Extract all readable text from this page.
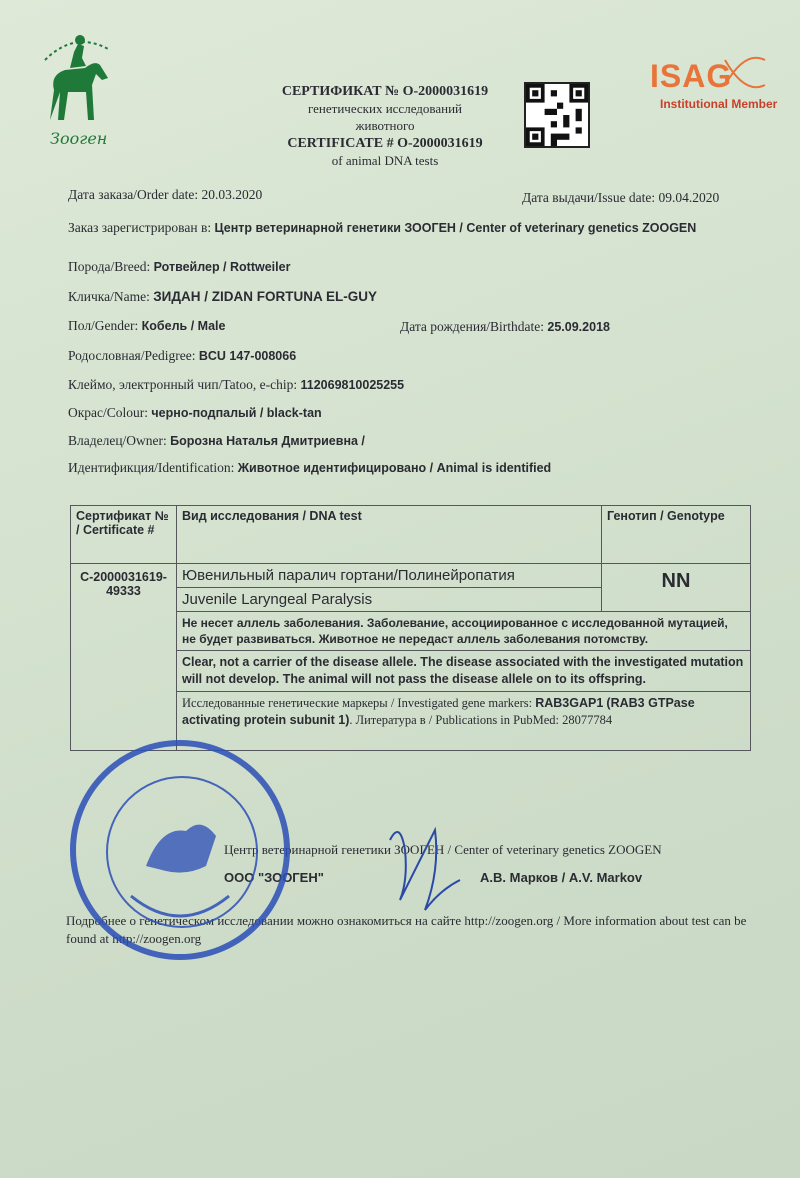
Зооген
СЕРТИФИКАТ № О-2000031619
генетических исследований
животного
CERTIFICATE # O-2000031619
of animal DNA tests
ISAG
Institutional Member
Дата заказа/Order date: 20.03.2020	Дата выдачи/Issue date: 09.04.2020
Заказ зарегистрирован в: Центр ветеринарной генетики ЗООГЕН / Center of veterinary genetics ZOOGEN
Порода/Breed: Ротвейлер / Rottweiler
Кличка/Name: ЗИДАН / ZIDAN FORTUNA EL-GUY
Пол/Gender: Кобель / Male	Дата рождения/Birthdate: 25.09.2018
Родословная/Pedigree: BCU 147-008066
Клеймо, электронный чип/Tatoo, e-chip: 112069810025255
Окрас/Colour: черно-подпалый / black-tan
Владелец/Owner: Борозна Наталья Дмитриевна /
Идентификция/Identification: Животное идентифицировано / Animal is identified
Сертификат № / Certificate #	Вид исследования / DNA test	Генотип / Genotype
C-2000031619-49333	Ювенильный паралич гортани/Полинейропатия	NN
	Juvenile Laryngeal Paralysis	
	Не несет аллель заболевания. Заболевание, ассоциированное с исследованной мутацией, не будет развиваться. Животное не передаст аллель заболевания потомству.	
	Clear, not a carrier of the disease allele. The disease associated with the investigated mutation will not develop. The animal will not pass the disease allele on to its offspring.	
	Исследованные генетические маркеры / Investigated gene markers: RAB3GAP1 (RAB3 GTPase activating protein subunit 1). Литература в / Publications in PubMed: 28077784	
Центр ветеринарной генетики ЗООГЕН / Center of veterinary genetics ZOOGEN
ООО "ЗООГЕН"	А.В. Марков / A.V. Markov
Подробнее о генетическом исследовании можно ознакомиться на сайте http://zoogen.org / More information about test can be found at http://zoogen.org
